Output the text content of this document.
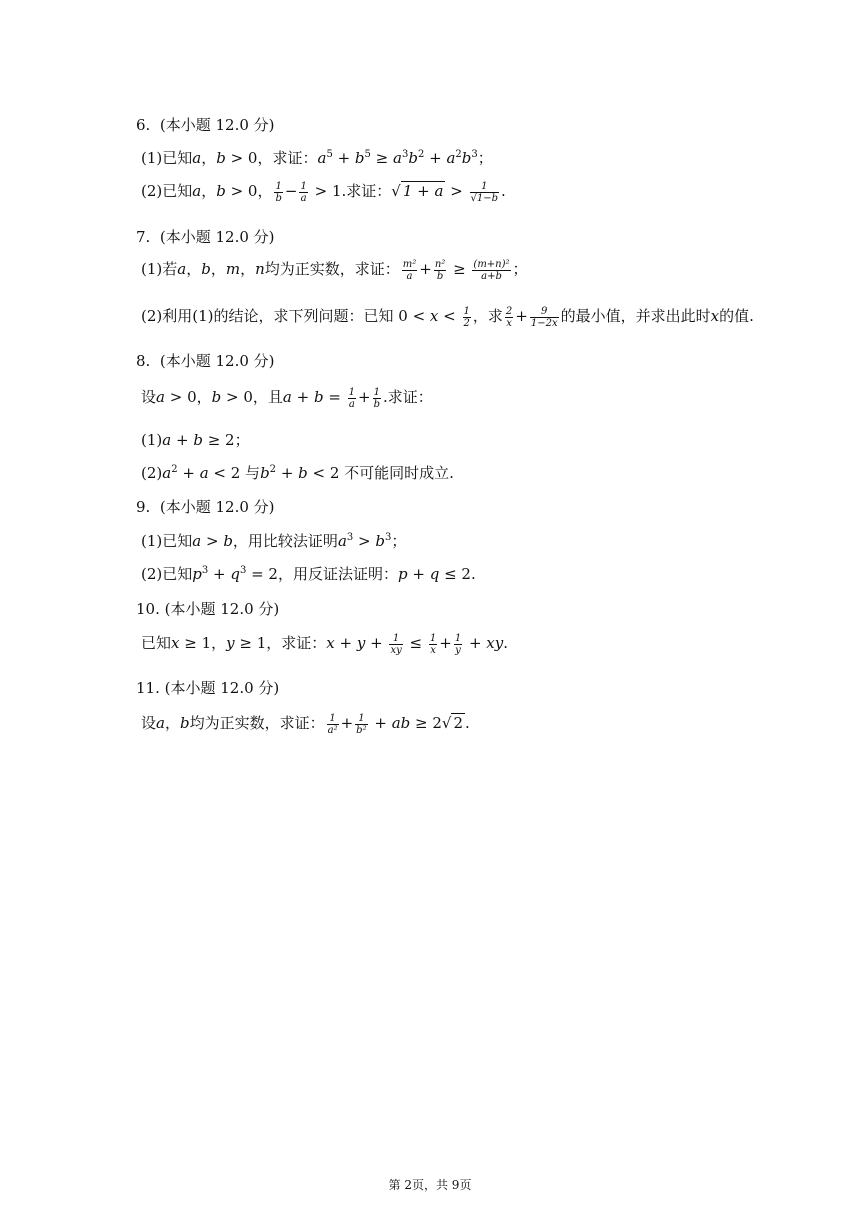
6. (本小题 12.0 分)
(1)已知a，b > 0，求证：$a^5 + b^5 \ge a^3b^2 + a^2b^3$；
(2)已知a，b > 0， $\frac{1}{b} - \frac{1}{a} > 1$.求证：√ $1 + a > \frac{1}{√1-b}$ .
7. (本小题 12.0 分)
(1)若a，b，m，n均为正实数，求证： $\frac{\text{m²}}{a} + \frac{\text{n²}}{b} \ge \frac{\text{(m+n)²}}{a+b}$ ；
(2)利用(1)的结论，求下列问题：已知 $0 < x < \frac{1}{2}$ ，求 $\frac{2}{x} + \frac{9}{1-2x}$ 的最小值，并求出此时x的值.
8. (本小题 12.0 分)
设a > 0，b > 0，且$a + b = \frac{1}{a} + \frac{1}{b}$ .求证：
(1)a + b ≥ 2；
$(2)a^2 + a < 2$ 与$b^2 + b < 2$ 不可能同时成立.
9. (本小题 12.0 分)
(1)已知a > b，用比较法证明$a^3 > b^3$；
(2)已知$p^3 + q^3 = 2$，用反证法证明：p + q ≤ 2.
10. (本小题 12.0 分)
已知x ≥ 1，y ≥ 1，求证：$x + y + \frac{1}{xy} \le \frac{1}{x} + \frac{1}{y}$ + xy.
11. (本小题 12.0 分)
设a，b均为正实数，求证： $\frac{1}{\text{a²}} + \frac{1}{\text{b²}}$ + ab ≥ 2√ 2 .
第 2页，共 9页
